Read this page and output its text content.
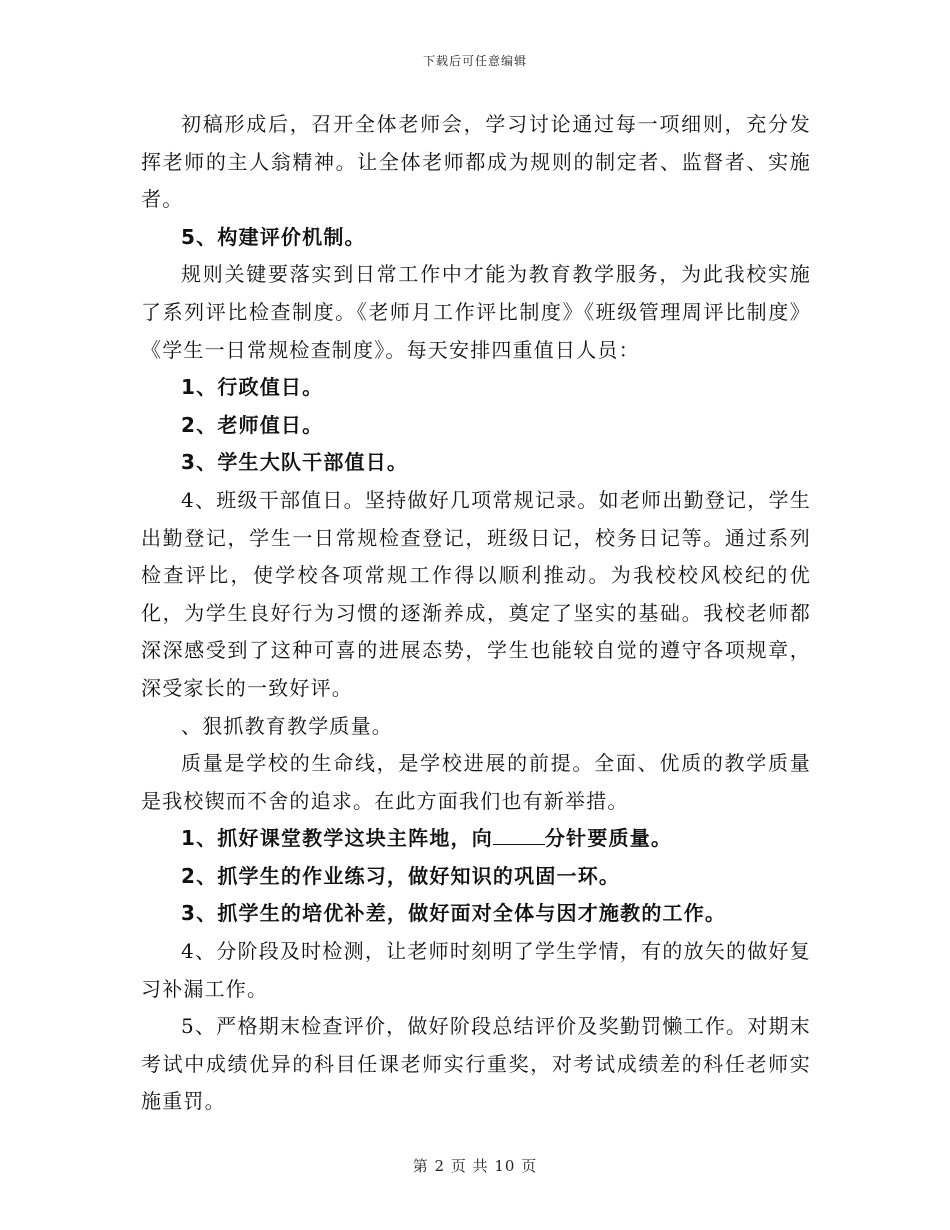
下载后可任意编辑

初稿形成后，召开全体老师会，学习讨论通过每一项细则，充分发挥老师的主人翁精神。让全体老师都成为规则的制定者、监督者、实施者。

5、构建评价机制。

规则关键要落实到日常工作中才能为教育教学服务，为此我校实施了系列评比检查制度。《老师月工作评比制度》《班级管理周评比制度》《学生一日常规检查制度》。每天安排四重值日人员：

1、行政值日。

2、老师值日。

3、学生大队干部值日。

4、班级干部值日。坚持做好几项常规记录。如老师出勤登记，学生出勤登记，学生一日常规检查登记，班级日记，校务日记等。通过系列检查评比，使学校各项常规工作得以顺利推动。为我校校风校纪的优化，为学生良好行为习惯的逐渐养成，奠定了坚实的基础。我校老师都深深感受到了这种可喜的进展态势，学生也能较自觉的遵守各项规章，深受家长的一致好评。

、狠抓教育教学质量。

质量是学校的生命线，是学校进展的前提。全面、优质的教学质量是我校锲而不舍的追求。在此方面我们也有新举措。

1、抓好课堂教学这块主阵地，向	分针要质量。

2、抓学生的作业练习，做好知识的巩固一环。

3、抓学生的培优补差，做好面对全体与因才施教的工作。

4、分阶段及时检测，让老师时刻明了学生学情，有的放矢的做好复习补漏工作。

5、严格期末检查评价，做好阶段总结评价及奖勤罚懒工作。对期末考试中成绩优异的科目任课老师实行重奖，对考试成绩差的科任老师实施重罚。

第 2 页 共 10 页
